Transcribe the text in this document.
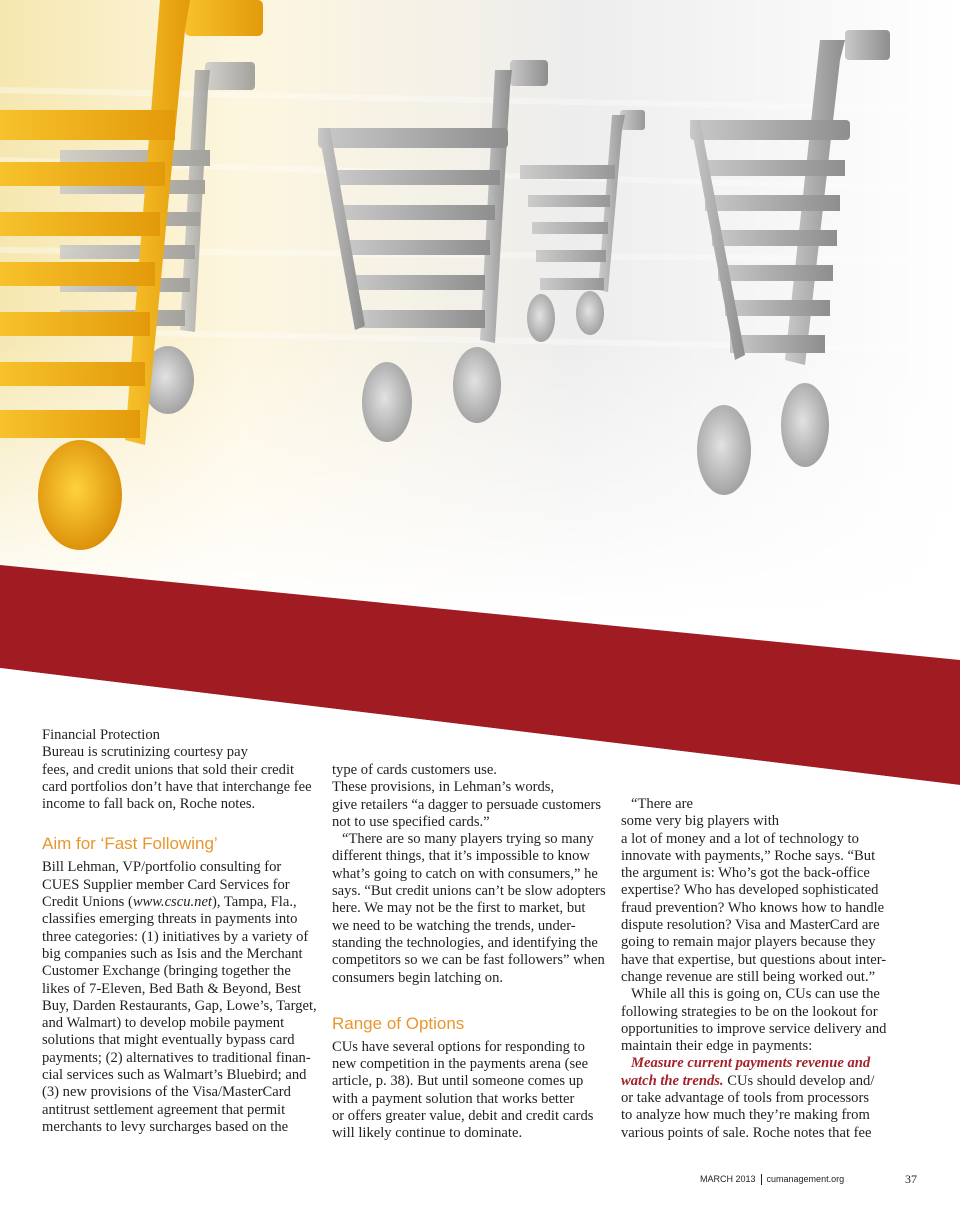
Financial Protection
Bureau is scrutinizing courtesy pay
fees, and credit unions that sold their credit
card portfolios don’t have that interchange fee
income to fall back on, Roche notes.
Aim for ‘Fast Following’
Bill Lehman, VP/portfolio consulting for
CUES Supplier member Card Services for
Credit Unions (www.cscu.net), Tampa, Fla.,
classifies emerging threats in payments into
three categories: (1) initiatives by a variety of
big companies such as Isis and the Merchant
Customer Exchange (bringing together the
likes of 7-Eleven, Bed Bath & Beyond, Best
Buy, Darden Restaurants, Gap, Lowe’s, Target,
and Walmart) to develop mobile payment
solutions that might eventually bypass card
payments; (2) alternatives to traditional finan-
cial services such as Walmart’s Bluebird; and
(3) new provisions of the Visa/MasterCard
antitrust settlement agreement that permit
merchants to levy surcharges based on the
type of cards customers use.
These provisions, in Lehman’s words,
give retailers “a dagger to persuade customers
not to use specified cards.”
“There are so many players trying so many
different things, that it’s impossible to know
what’s going to catch on with consumers,” he
says. “But credit unions can’t be slow adopters
here. We may not be the first to market, but
we need to be watching the trends, under-
standing the technologies, and identifying the
competitors so we can be fast followers” when
consumers begin latching on.
Range of Options
CUs have several options for responding to
new competition in the payments arena (see
article, p. 38). But until someone comes up
with a payment solution that works better
or offers greater value, debit and credit cards
will likely continue to dominate.
“There are
some very big players with
a lot of money and a lot of technology to
innovate with payments,” Roche says. “But
the argument is: Who’s got the back-office
expertise? Who has developed sophisticated
fraud prevention? Who knows how to handle
dispute resolution? Visa and MasterCard are
going to remain major players because they
have that expertise, but questions about inter-
change revenue are still being worked out.”
While all this is going on, CUs can use the
following strategies to be on the lookout for
opportunities to improve service delivery and
maintain their edge in payments:
Measure current payments revenue and
watch the trends. CUs should develop and/
or take advantage of tools from processors
to analyze how much they’re making from
various points of sale. Roche notes that fee
MARCH 2013 cumanagement.org	37
